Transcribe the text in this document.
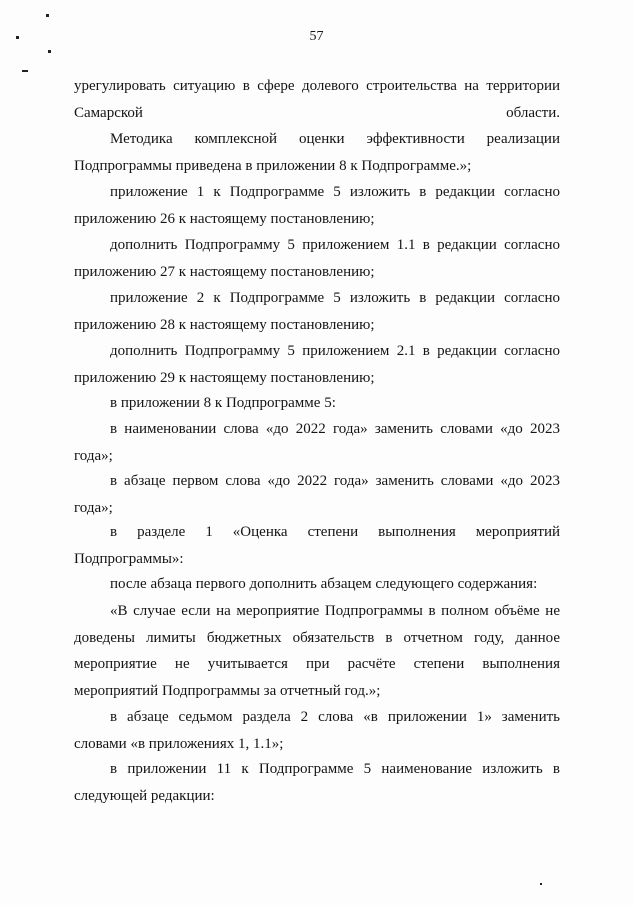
57

урегулировать ситуацию в сфере долевого строительства на территории Самарской области.

Методика комплексной оценки эффективности реализации Подпрограммы приведена в приложении 8 к Подпрограмме.»;

приложение 1 к Подпрограмме 5 изложить в редакции согласно приложению 26 к настоящему постановлению;

дополнить Подпрограмму 5 приложением 1.1 в редакции согласно приложению 27 к настоящему постановлению;

приложение 2 к Подпрограмме 5 изложить в редакции согласно приложению 28 к настоящему постановлению;

дополнить Подпрограмму 5 приложением 2.1 в редакции согласно приложению 29 к настоящему постановлению;

в приложении 8 к Подпрограмме 5:

в наименовании слова «до 2022 года» заменить словами «до 2023 года»;

в абзаце первом слова «до 2022 года» заменить словами «до 2023 года»;

в разделе 1 «Оценка степени выполнения мероприятий Подпрограммы»:

после абзаца первого дополнить абзацем следующего содержания:

«В случае если на мероприятие Подпрограммы в полном объёме не доведены лимиты бюджетных обязательств в отчетном году, данное мероприятие не учитывается при расчёте степени выполнения мероприятий Подпрограммы за отчетный год.»;

в абзаце седьмом раздела 2 слова «в приложении 1» заменить словами «в приложениях 1, 1.1»;

в приложении 11 к Подпрограмме 5 наименование изложить в следующей редакции:
